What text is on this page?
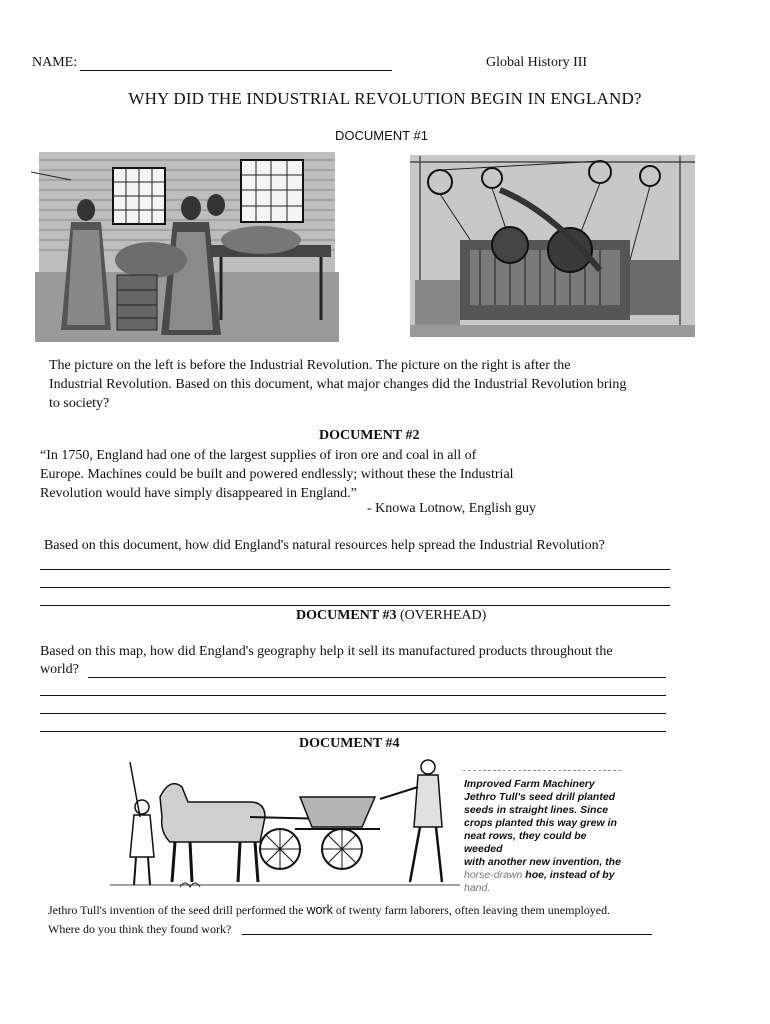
NAME:	Global History III
WHY DID THE INDUSTRIAL REVOLUTION BEGIN IN ENGLAND?
DOCUMENT #1
The picture on the left is before the Industrial Revolution. The picture on the right is after the
Industrial Revolution. Based on this document, what major changes did the Industrial Revolution bring
to society?
DOCUMENT #2
“In 1750, England had one of the largest supplies of iron ore and coal in all of
Europe. Machines could be built and powered endlessly; without these the Industrial
Revolution would have simply disappeared in England.”
- Knowa Lotnow, English guy
Based on this document, how did England's natural resources help spread the Industrial Revolution?
DOCUMENT #3 (OVERHEAD)
Based on this map, how did England's geography help it sell its manufactured products throughout the
world?
DOCUMENT #4
Improved Farm Machinery
Jethro Tull's seed drill planted
seeds in straight lines. Since
crops planted this way grew in
neat rows, they could be weeded
with another new invention, the
horse-drawn hoe, instead of by
hand.
Jethro Tull's invention of the seed drill performed the work of twenty farm laborers, often leaving them unemployed.
Where do you think they found work?
